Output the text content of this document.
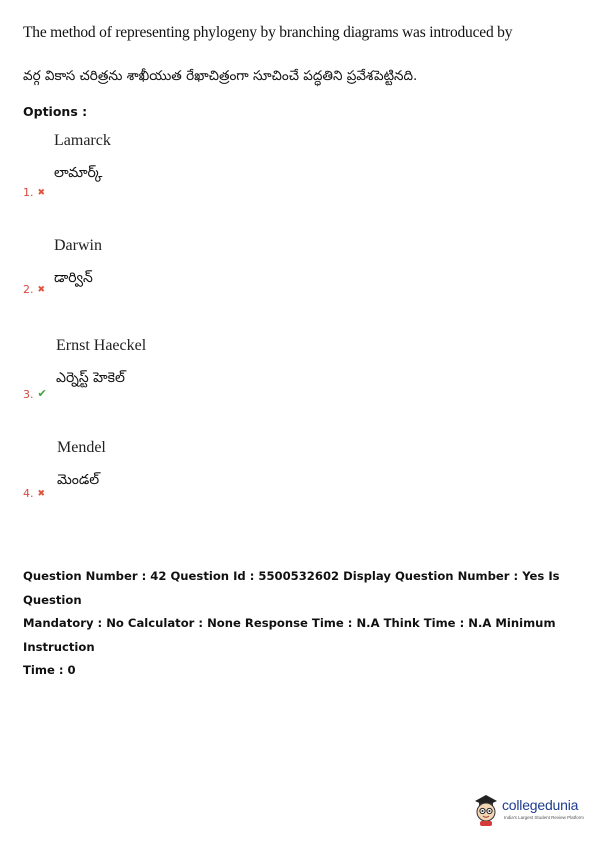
The method of representing phylogeny by branching diagrams was introduced by
వర్గ వికాస చరిత్రను శాఖీయుత రేఖాచిత్రంగా సూచించే పద్ధతిని ప్రవేశపెట్టినది.
Options :
Lamarck
లామార్క్
1. ✖
Darwin
డార్విన్
2. ✖
Ernst Haeckel
ఎర్నెస్ట్ హెకెల్
3. ✔
Mendel
మెండల్
4. ✖
Question Number : 42 Question Id : 5500532602 Display Question Number : Yes Is Question
Mandatory : No Calculator : None Response Time : N.A Think Time : N.A Minimum Instruction
Time : 0
collegedunia
India's Largest Student Review Platform
